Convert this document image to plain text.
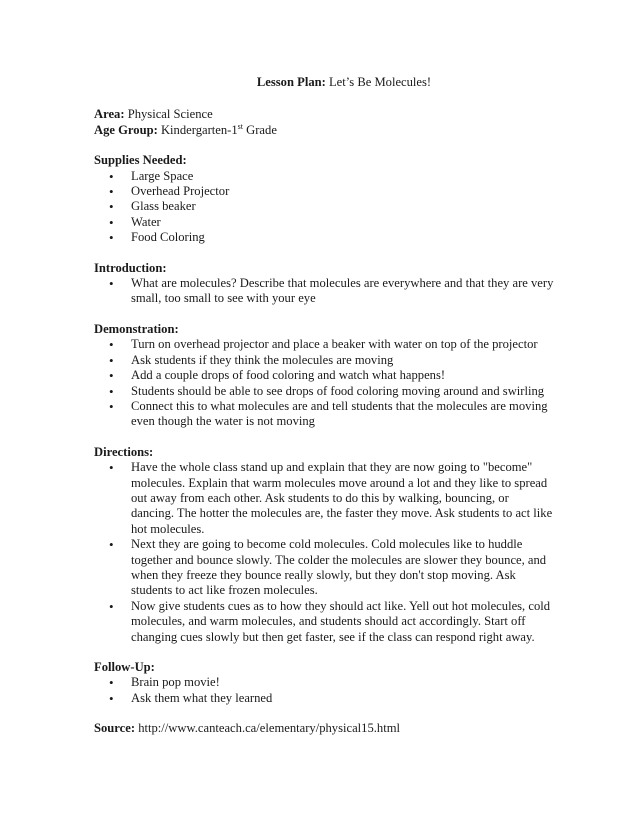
Lesson Plan: Let’s Be Molecules!

Area: Physical Science

Age Group: Kindergarten-1st Grade

Supplies Needed:

• Large Space
• Overhead Projector
• Glass beaker
• Water
• Food Coloring

Introduction:

• What are molecules? Describe that molecules are everywhere and that they are very small, too small to see with your eye

Demonstration:

• Turn on overhead projector and place a beaker with water on top of the projector
• Ask students if they think the molecules are moving
• Add a couple drops of food coloring and watch what happens!
• Students should be able to see drops of food coloring moving around and swirling
• Connect this to what molecules are and tell students that the molecules are moving even though the water is not moving

Directions:

• Have the whole class stand up and explain that they are now going to "become" molecules. Explain that warm molecules move around a lot and they like to spread out away from each other. Ask students to do this by walking, bouncing, or dancing. The hotter the molecules are, the faster they move. Ask students to act like hot molecules.
• Next they are going to become cold molecules. Cold molecules like to huddle together and bounce slowly. The colder the molecules are slower they bounce, and when they freeze they bounce really slowly, but they don't stop moving. Ask students to act like frozen molecules.
• Now give students cues as to how they should act like. Yell out hot molecules, cold molecules, and warm molecules, and students should act accordingly. Start off changing cues slowly but then get faster, see if the class can respond right away.

Follow-Up:

• Brain pop movie!
• Ask them what they learned

Source: http://www.canteach.ca/elementary/physical15.html
